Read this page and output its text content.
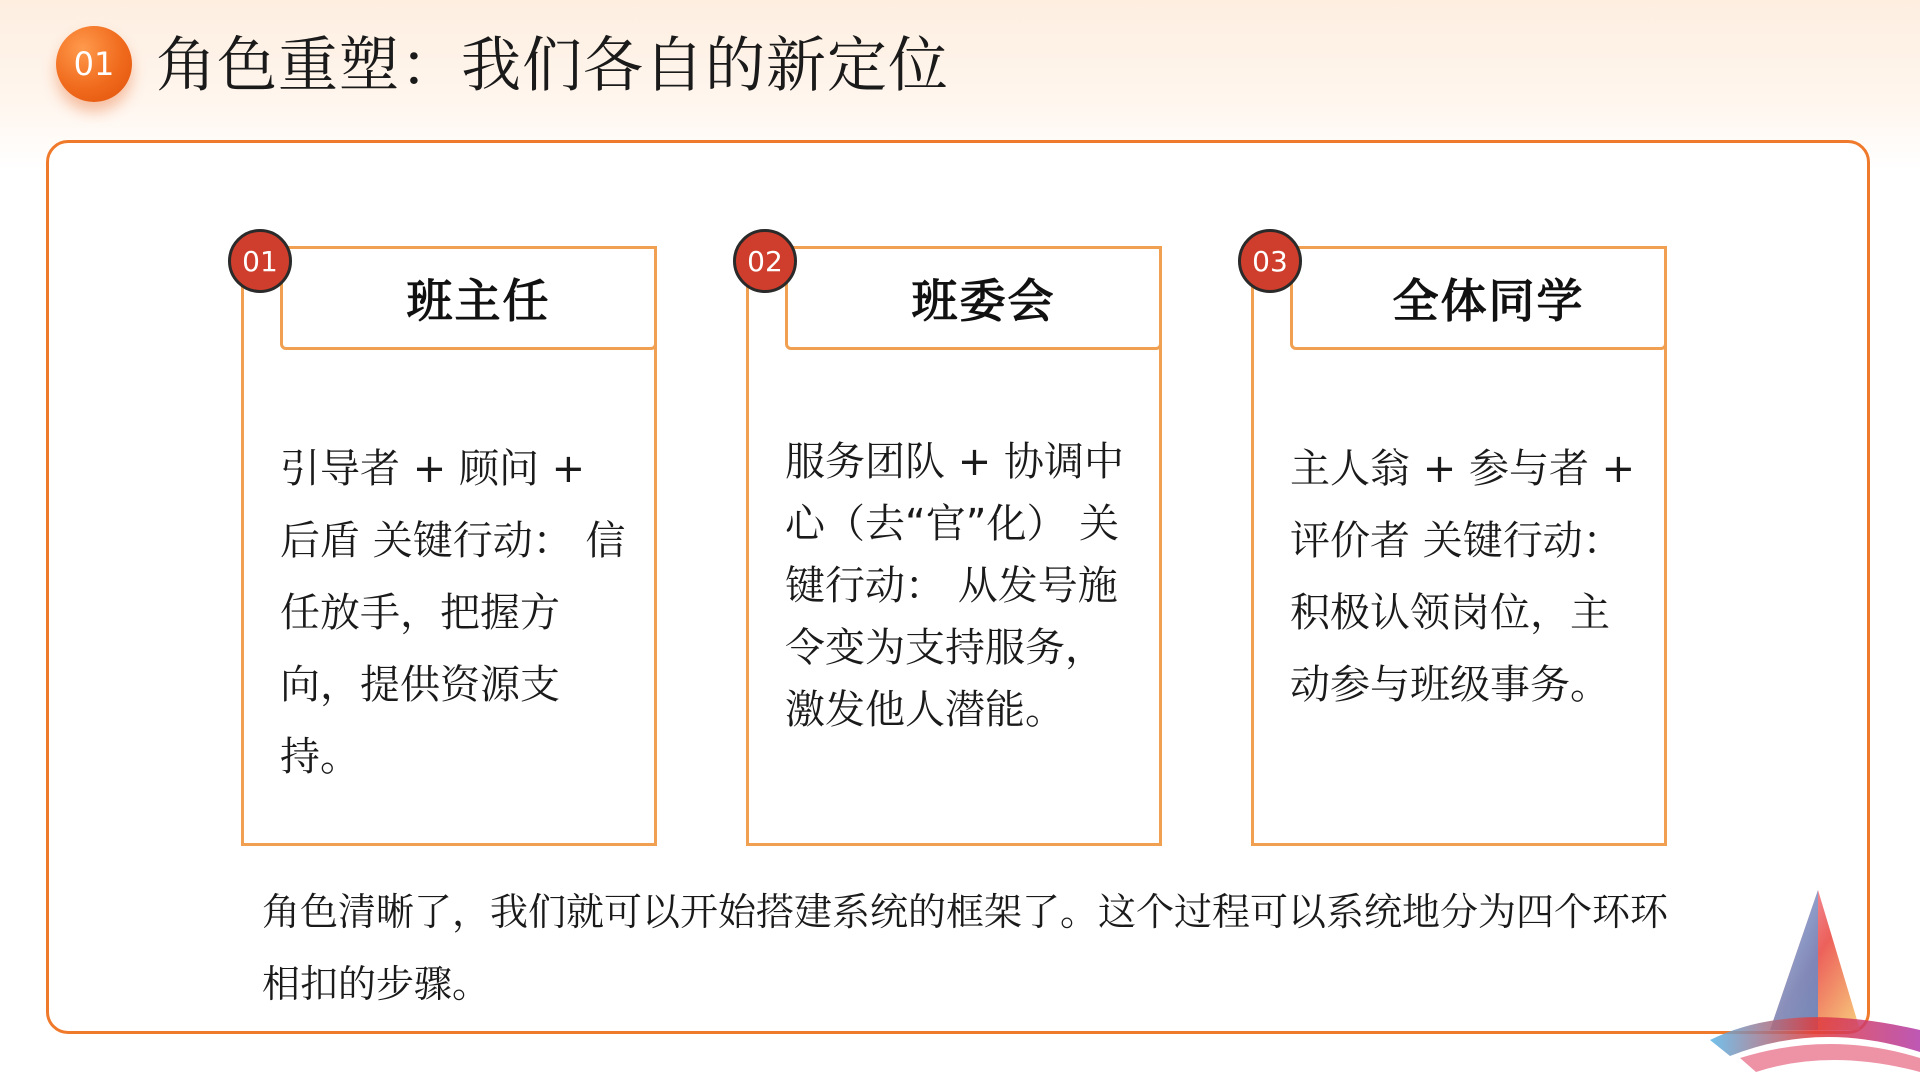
01 角色重塑：我们各自的新定位
班主任
01
引导者 + 顾问 + 后盾 关键行动： 信任放手，把握方向，提供资源支持。
班委会
02
服务团队 + 协调中心（去“官”化） 关键行动： 从发号施令变为支持服务，激发他人潜能。
全体同学
03
主人翁 + 参与者 + 评价者 关键行动： 积极认领岗位，主动参与班级事务。
角色清晰了，我们就可以开始搭建系统的框架了。这个过程可以系统地分为四个环环相扣的步骤。
